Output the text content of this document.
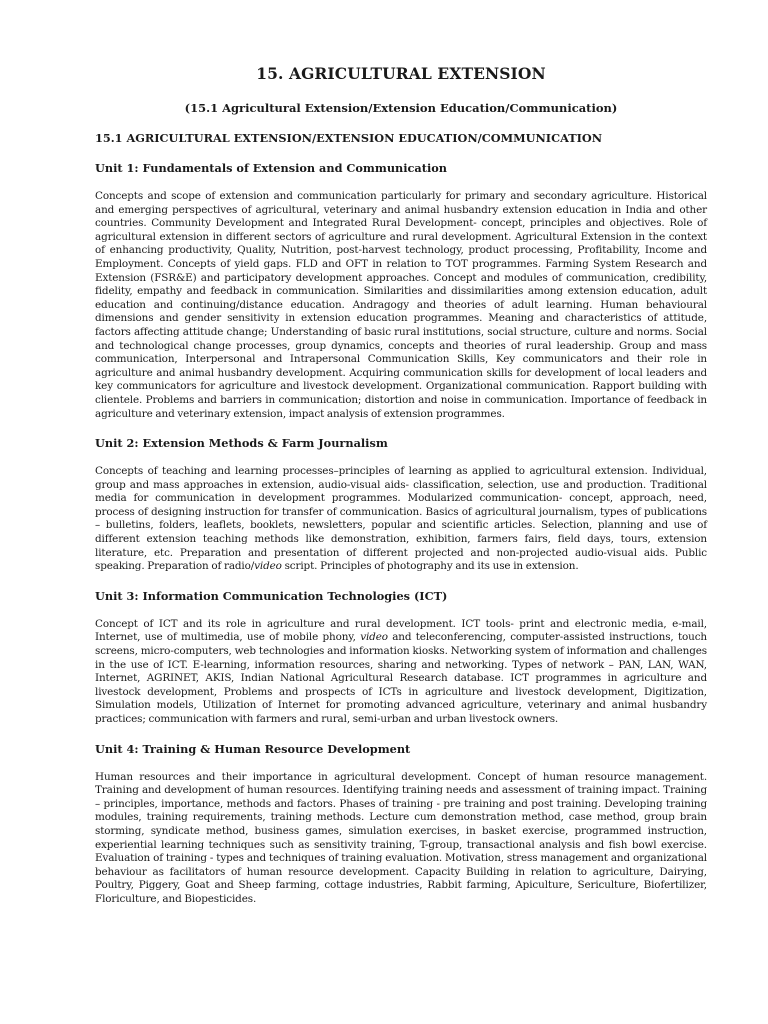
15. AGRICULTURAL EXTENSION
(15.1 Agricultural Extension/Extension Education/Communication)
15.1 AGRICULTURAL EXTENSION/EXTENSION EDUCATION/COMMUNICATION
Unit 1: Fundamentals of Extension and Communication

Concepts and scope of extension and communication particularly for primary and secondary agriculture. Historical and emerging perspectives of agricultural, veterinary and animal husbandry extension education in India and other countries. Community Development and Integrated Rural Development- concept, principles and objectives. Role of agricultural extension in different sectors of agriculture and rural development. Agricultural Extension in the context of enhancing productivity, Quality, Nutrition, post-harvest technology, product processing, Profitability, Income and Employment. Concepts of yield gaps. FLD and OFT in relation to TOT programmes. Farming System Research and Extension (FSR&E) and participatory development approaches. Concept and modules of communication, credibility, fidelity, empathy and feedback in communication. Similarities and dissimilarities among extension education, adult education and continuing/distance education. Andragogy and theories of adult learning. Human behavioural dimensions and gender sensitivity in extension education programmes. Meaning and characteristics of attitude, factors affecting attitude change; Understanding of basic rural institutions, social structure, culture and norms. Social and technological change processes, group dynamics, concepts and theories of rural leadership. Group and mass communication, Interpersonal and Intrapersonal Communication Skills, Key communicators and their role in agriculture and animal husbandry development. Acquiring communication skills for development of local leaders and key communicators for agriculture and livestock development. Organizational communication. Rapport building with clientele. Problems and barriers in communication; distortion and noise in communication. Importance of feedback in agriculture and veterinary extension, impact analysis of extension programmes.

Unit 2: Extension Methods & Farm Journalism

Concepts of teaching and learning processes–principles of learning as applied to agricultural extension. Individual, group and mass approaches in extension, audio-visual aids- classification, selection, use and production. Traditional media for communication in development programmes. Modularized communication- concept, approach, need, process of designing instruction for transfer of communication. Basics of agricultural journalism, types of publications – bulletins, folders, leaflets, booklets, newsletters, popular and scientific articles. Selection, planning and use of different extension teaching methods like demonstration, exhibition, farmers fairs, field days, tours, extension literature, etc. Preparation and presentation of different projected and non-projected audio-visual aids. Public speaking. Preparation of radio/video script. Principles of photography and its use in extension.

Unit 3: Information Communication Technologies (ICT)

Concept of ICT and its role in agriculture and rural development. ICT tools- print and electronic media, e-mail, Internet, use of multimedia, use of mobile phony, video and teleconferencing, computer-assisted instructions, touch screens, micro-computers, web technologies and information kiosks. Networking system of information and challenges in the use of ICT. E-learning, information resources, sharing and networking. Types of network – PAN, LAN, WAN, Internet, AGRINET, AKIS, Indian National Agricultural Research database. ICT programmes in agriculture and livestock development, Problems and prospects of ICTs in agriculture and livestock development, Digitization, Simulation models, Utilization of Internet for promoting advanced agriculture, veterinary and animal husbandry practices; communication with farmers and rural, semi-urban and urban livestock owners.

Unit 4: Training & Human Resource Development

Human resources and their importance in agricultural development. Concept of human resource management. Training and development of human resources. Identifying training needs and assessment of training impact. Training – principles, importance, methods and factors. Phases of training - pre training and post training. Developing training modules, training requirements, training methods. Lecture cum demonstration method, case method, group brain storming, syndicate method, business games, simulation exercises, in basket exercise, programmed instruction, experiential learning techniques such as sensitivity training, T-group, transactional analysis and fish bowl exercise. Evaluation of training - types and techniques of training evaluation. Motivation, stress management and organizational behaviour as facilitators of human resource development. Capacity Building in relation to agriculture, Dairying, Poultry, Piggery, Goat and Sheep farming, cottage industries, Rabbit farming, Apiculture, Sericulture, Biofertilizer, Floriculture, and Biopesticides.
